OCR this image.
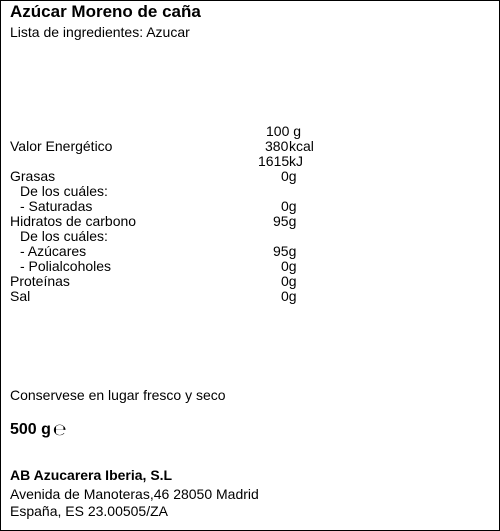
Azúcar Moreno de caña
Lista de ingredientes: Azucar
100 g
Valor Energético	380 kcal
1615 kJ
Grasas	0g
De los cuáles:
- Saturadas	0g
Hidratos de carbono	95g
De los cuáles:
- Azúcares	95g
- Polialcoholes	0g
Proteínas	0g
Sal	0g
Conservese en lugar fresco y seco
500 g ℮
AB Azucarera Iberia, S.L
Avenida de Manoteras,46 28050 Madrid
España, ES 23.00505/ZA
